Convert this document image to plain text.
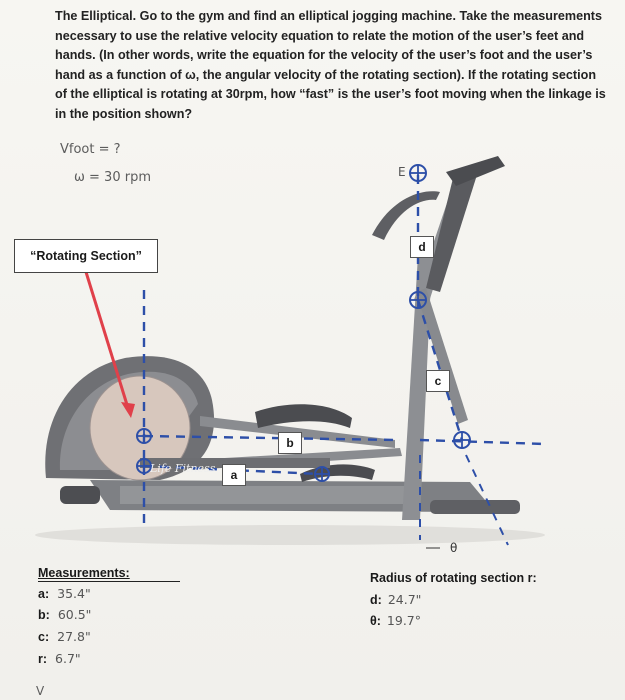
The Elliptical. Go to the gym and find an elliptical jogging machine. Take the measurements necessary to use the relative velocity equation to relate the motion of the user’s feet and hands. (In other words, write the equation for the velocity of the user’s foot and the user’s hand as a function of ω, the angular velocity of the rotating section). If the rotating section of the elliptical is rotating at 30rpm, how “fast” is the user’s foot moving when the linkage is in the position shown?
Vfoot = ?
ω = 30 rpm
Life Fitness
E
θ
“Rotating Section”
a
b
c
d
Measurements:
a: 35.4"
b: 60.5"
c: 27.8"
r: 6.7"
Radius of rotating section r:
d: 24.7"
θ: 19.7°
V
